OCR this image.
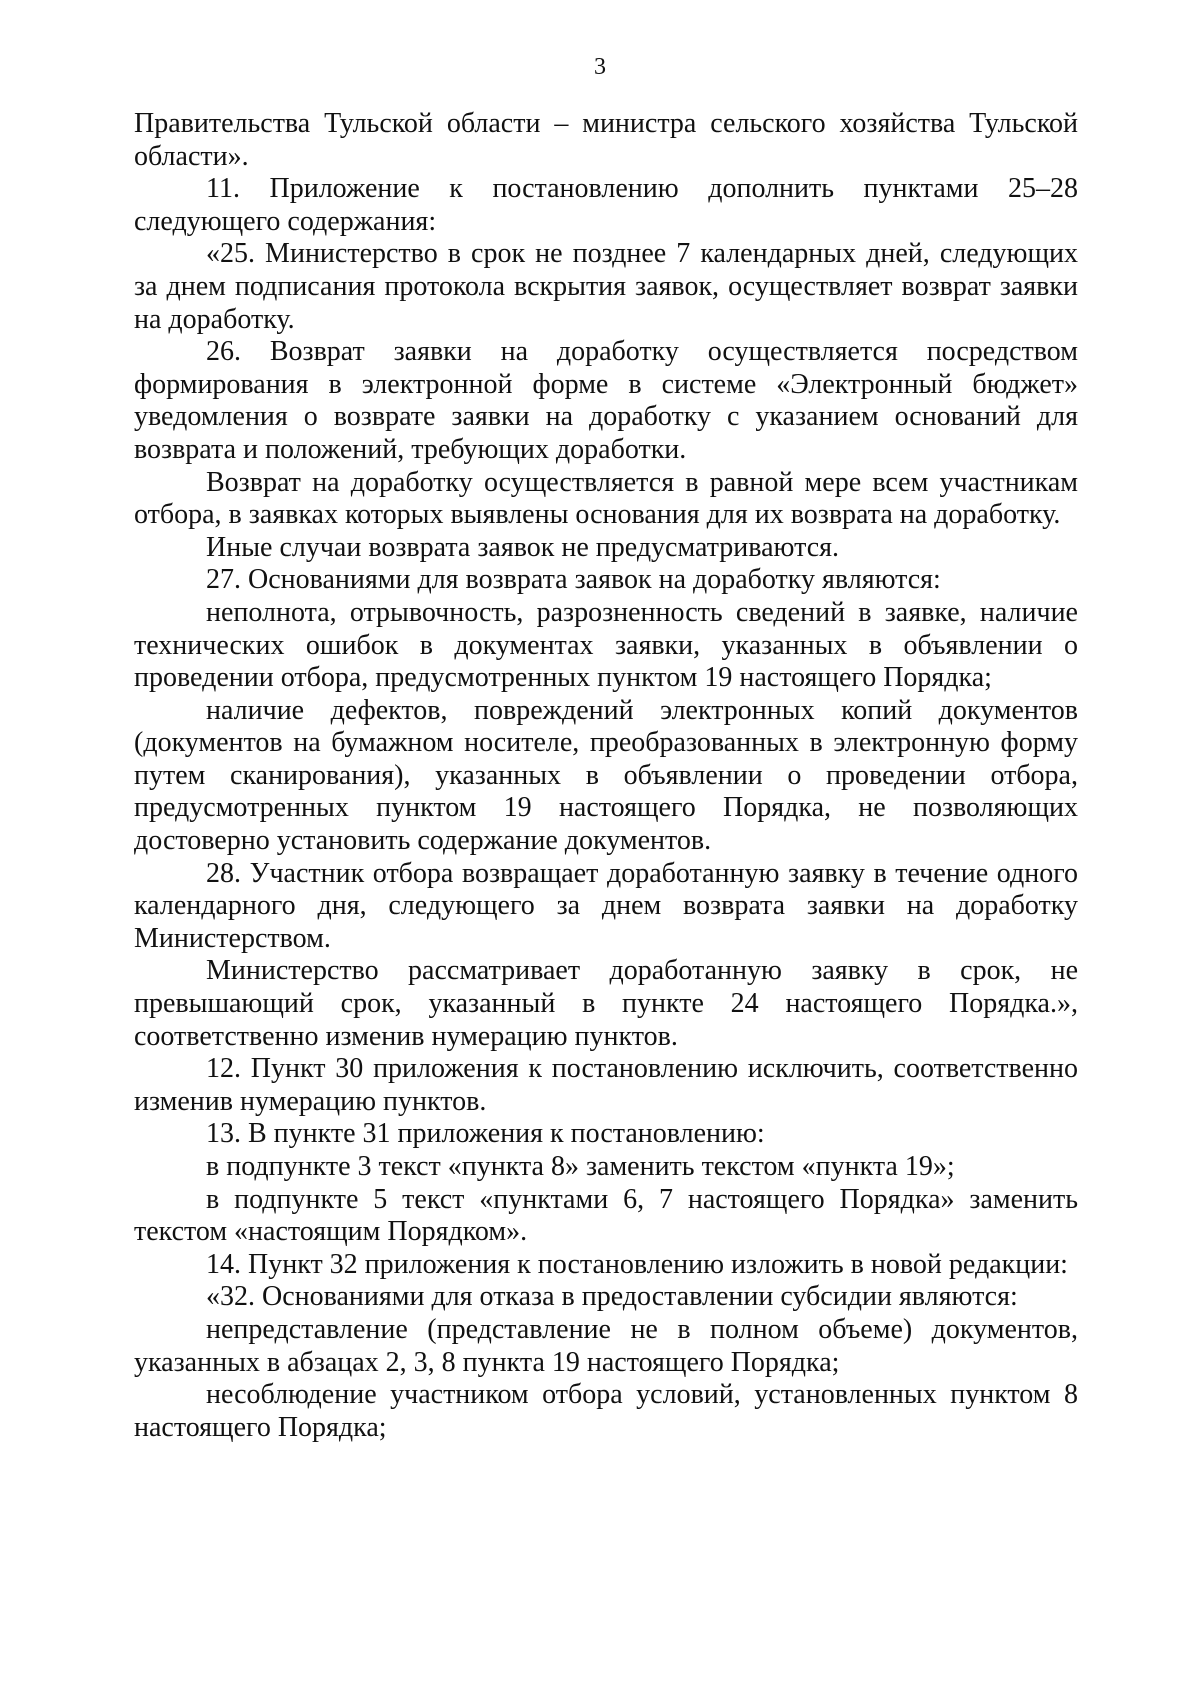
3

Правительства Тульской области – министра сельского хозяйства Тульской области».

11. Приложение к постановлению дополнить пунктами 25–28 следующего содержания:

«25. Министерство в срок не позднее 7 календарных дней, следующих за днем подписания протокола вскрытия заявок, осуществляет возврат заявки на доработку.

26. Возврат заявки на доработку осуществляется посредством формирования в электронной форме в системе «Электронный бюджет» уведомления о возврате заявки на доработку с указанием оснований для возврата и положений, требующих доработки.

Возврат на доработку осуществляется в равной мере всем участникам отбора, в заявках которых выявлены основания для их возврата на доработку.

Иные случаи возврата заявок не предусматриваются.

27. Основаниями для возврата заявок на доработку являются:

неполнота, отрывочность, разрозненность сведений в заявке, наличие технических ошибок в документах заявки, указанных в объявлении о проведении отбора, предусмотренных пунктом 19 настоящего Порядка;

наличие дефектов, повреждений электронных копий документов (документов на бумажном носителе, преобразованных в электронную форму путем сканирования), указанных в объявлении о проведении отбора, предусмотренных пунктом 19 настоящего Порядка, не позволяющих достоверно установить содержание документов.

28. Участник отбора возвращает доработанную заявку в течение одного календарного дня, следующего за днем возврата заявки на доработку Министерством.

Министерство рассматривает доработанную заявку в срок, не превышающий срок, указанный в пункте 24 настоящего Порядка.», соответственно изменив нумерацию пунктов.

12. Пункт 30 приложения к постановлению исключить, соответственно изменив нумерацию пунктов.

13. В пункте 31 приложения к постановлению:

в подпункте 3 текст «пункта 8» заменить текстом «пункта 19»;

в подпункте 5 текст «пунктами 6, 7 настоящего Порядка» заменить текстом «настоящим Порядком».

14. Пункт 32 приложения к постановлению изложить в новой редакции:

«32. Основаниями для отказа в предоставлении субсидии являются:

непредставление (представление не в полном объеме) документов, указанных в абзацах 2, 3, 8 пункта 19 настоящего Порядка;

несоблюдение участником отбора условий, установленных пунктом 8 настоящего Порядка;
